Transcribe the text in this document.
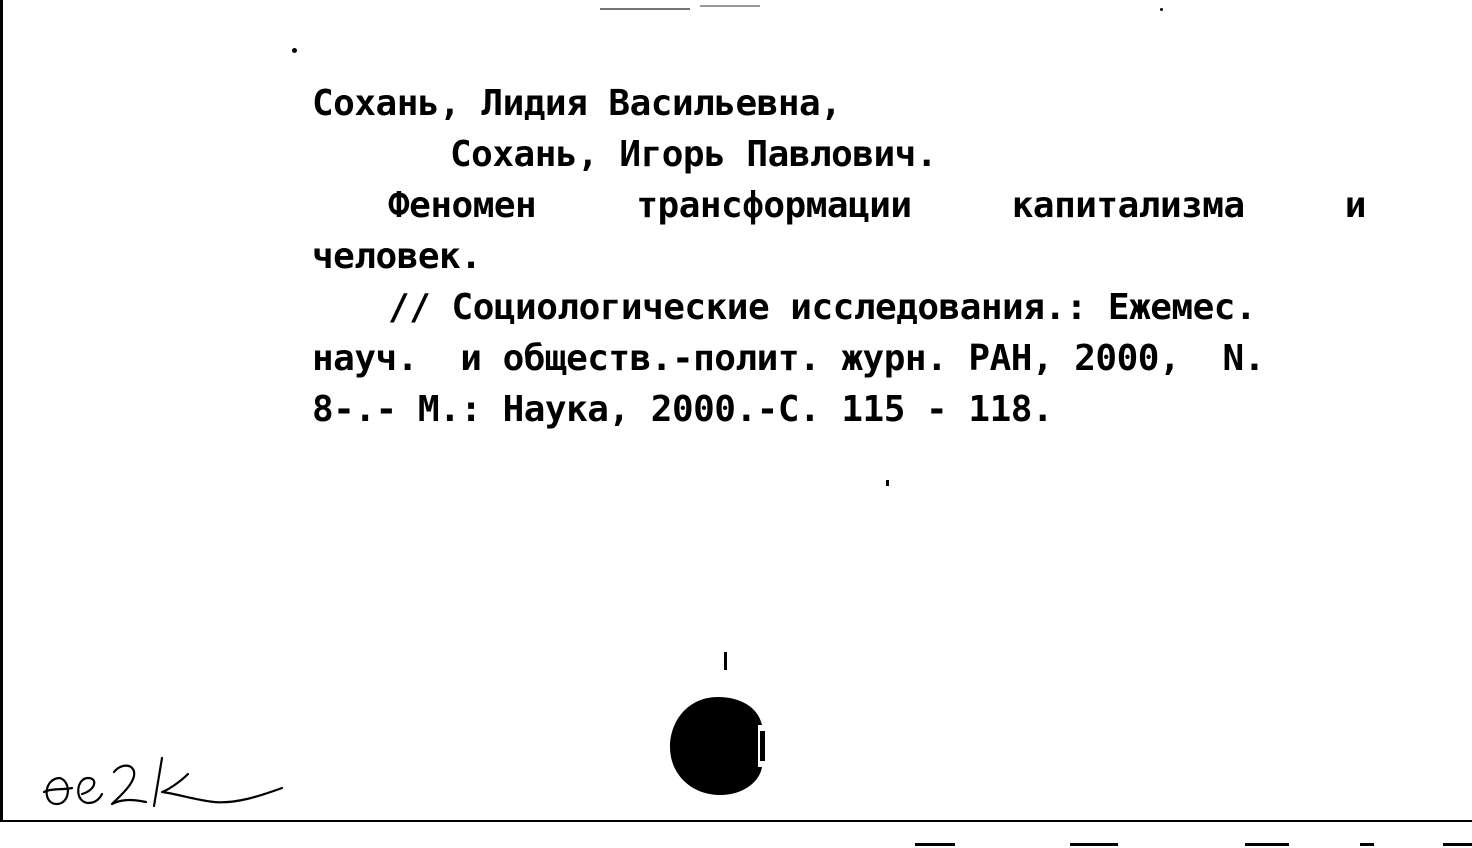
Сохань, Лидия Васильевна,
Сохань, Игорь Павлович.
Феномен	трансформации	капитализма	и
человек.
// Социологические исследования.: Ежемес.
науч.  и обществ.-полит. журн. РАН, 2000,  N.
8-.- М.: Наука, 2000.-С. 115 - 118.
